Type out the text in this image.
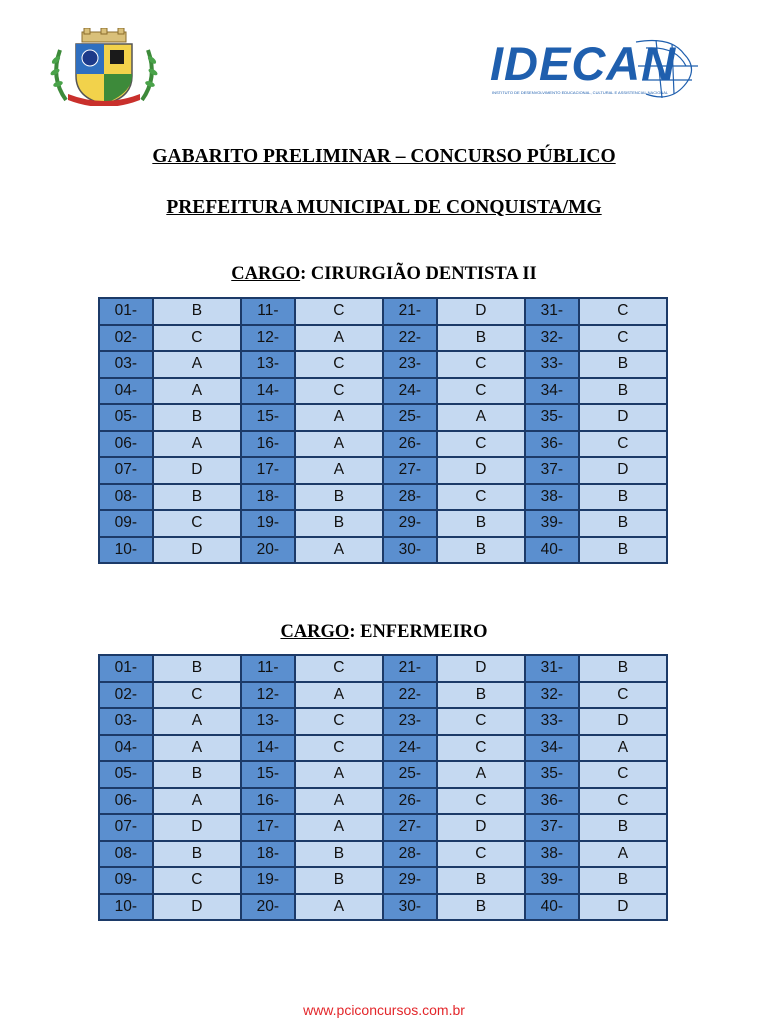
IDECAN
INSTITUTO DE DESENVOLVIMENTO EDUCACIONAL, CULTURAL E ASSISTENCIAL NACIONAL
GABARITO PRELIMINAR – CONCURSO PÚBLICO
PREFEITURA MUNICIPAL DE CONQUISTA/MG
CARGO: CIRURGIÃO DENTISTA II
01-	B	11-	C	21-	D	31-	C
02-	C	12-	A	22-	B	32-	C
03-	A	13-	C	23-	C	33-	B
04-	A	14-	C	24-	C	34-	B
05-	B	15-	A	25-	A	35-	D
06-	A	16-	A	26-	C	36-	C
07-	D	17-	A	27-	D	37-	D
08-	B	18-	B	28-	C	38-	B
09-	C	19-	B	29-	B	39-	B
10-	D	20-	A	30-	B	40-	B
CARGO: ENFERMEIRO
01-	B	11-	C	21-	D	31-	B
02-	C	12-	A	22-	B	32-	C
03-	A	13-	C	23-	C	33-	D
04-	A	14-	C	24-	C	34-	A
05-	B	15-	A	25-	A	35-	C
06-	A	16-	A	26-	C	36-	C
07-	D	17-	A	27-	D	37-	B
08-	B	18-	B	28-	C	38-	A
09-	C	19-	B	29-	B	39-	B
10-	D	20-	A	30-	B	40-	D
www.pciconcursos.com.br
